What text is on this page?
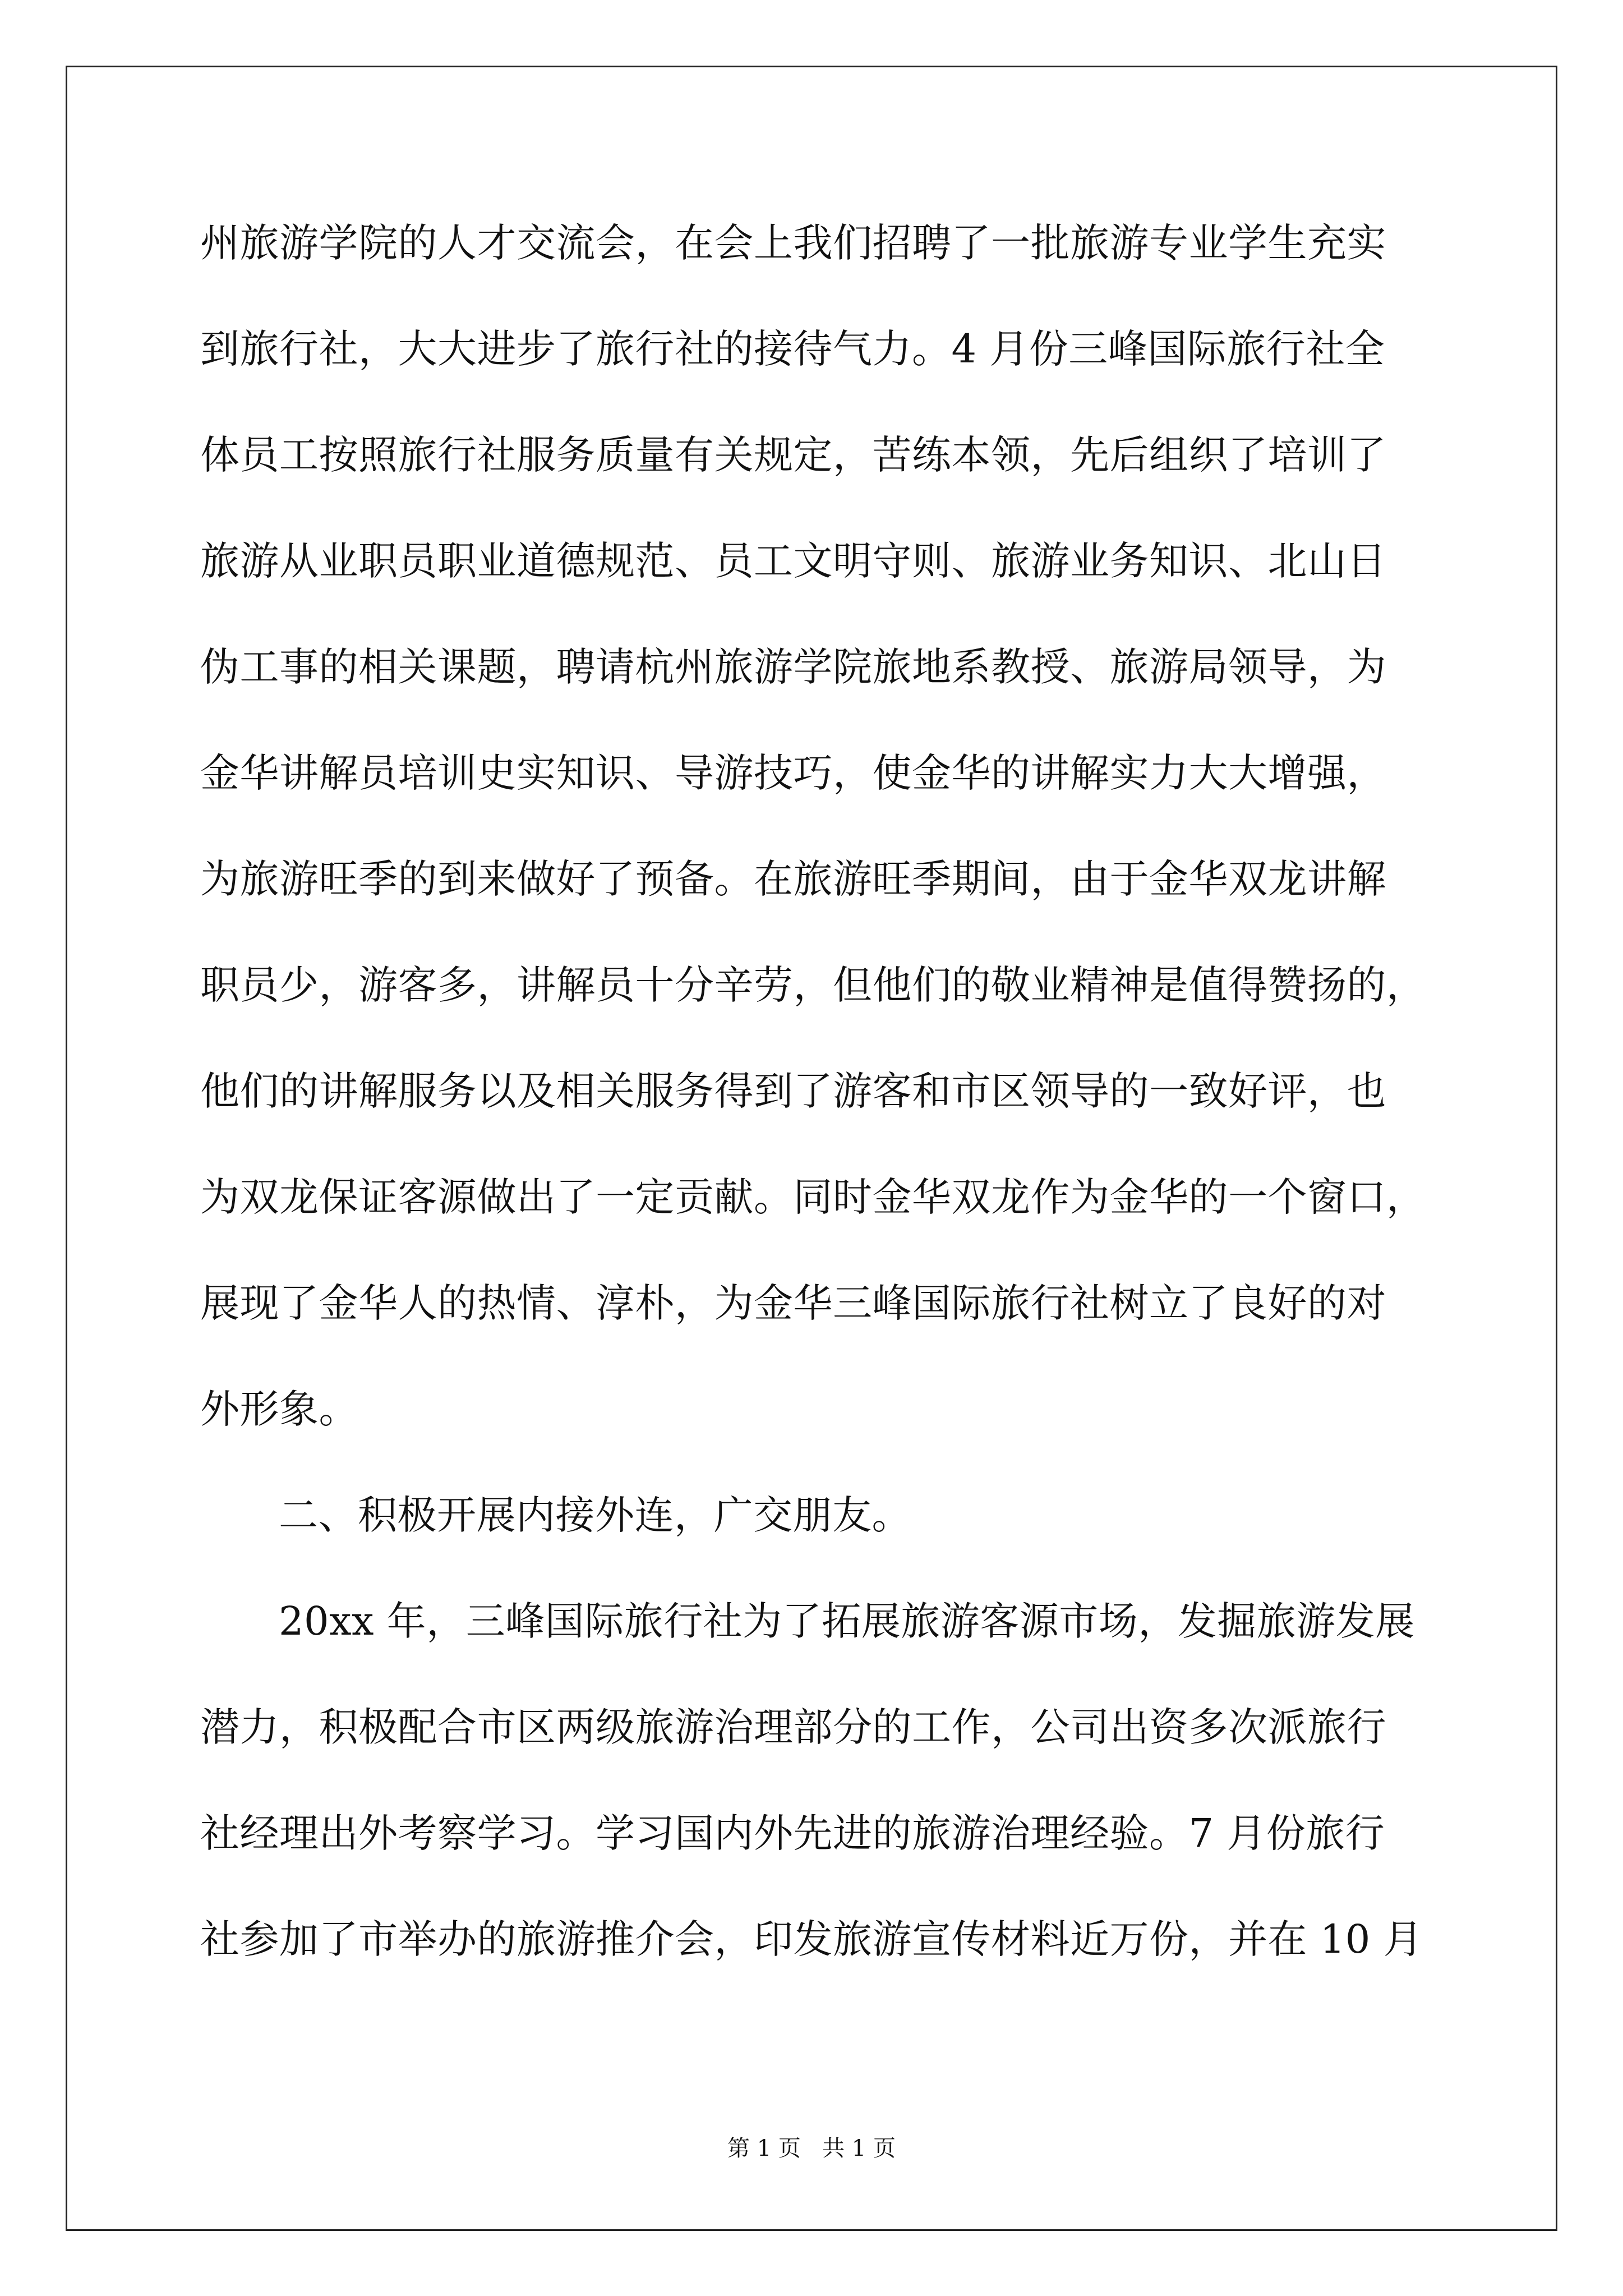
州旅游学院的人才交流会，在会上我们招聘了一批旅游专业学生充实
到旅行社，大大进步了旅行社的接待气力。4 月份三峰国际旅行社全
体员工按照旅行社服务质量有关规定，苦练本领，先后组织了培训了
旅游从业职员职业道德规范、员工文明守则、旅游业务知识、北山日
伪工事的相关课题，聘请杭州旅游学院旅地系教授、旅游局领导，为
金华讲解员培训史实知识、导游技巧，使金华的讲解实力大大增强，
为旅游旺季的到来做好了预备。在旅游旺季期间，由于金华双龙讲解
职员少，游客多，讲解员十分辛劳，但他们的敬业精神是值得赞扬的，
他们的讲解服务以及相关服务得到了游客和市区领导的一致好评，也
为双龙保证客源做出了一定贡献。同时金华双龙作为金华的一个窗口，
展现了金华人的热情、淳朴，为金华三峰国际旅行社树立了良好的对
外形象。
二、积极开展内接外连，广交朋友。
20xx 年，三峰国际旅行社为了拓展旅游客源市场，发掘旅游发展
潜力，积极配合市区两级旅游治理部分的工作，公司出资多次派旅行
社经理出外考察学习。学习国内外先进的旅游治理经验。7 月份旅行
社参加了市举办的旅游推介会，印发旅游宣传材料近万份，并在 10 月
第 1 页   共 1 页
